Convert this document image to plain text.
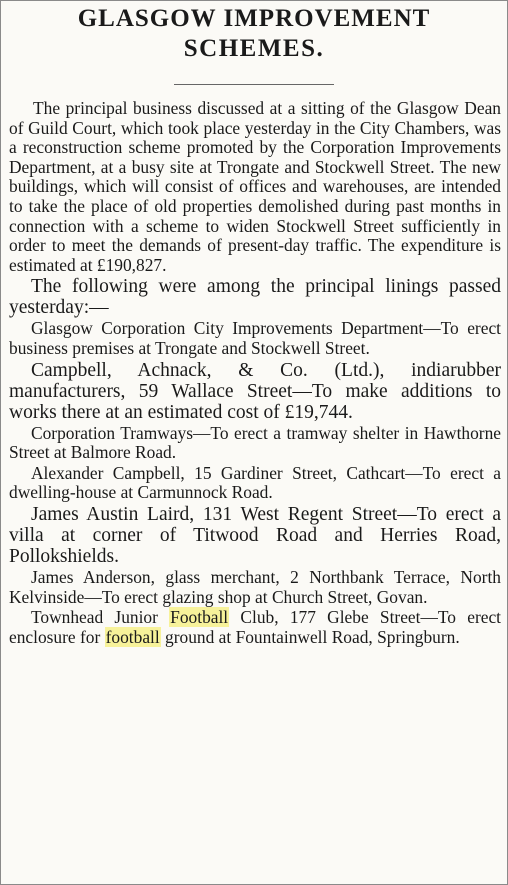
GLASGOW IMPROVEMENT
SCHEMES.

The principal business discussed at a sitting of the Glasgow Dean of Guild Court, which took place yesterday in the City Chambers, was a reconstruction scheme promoted by the Corporation Improvements Department, at a busy site at Trongate and Stockwell Street. The new buildings, which will consist of offices and warehouses, are intended to take the place of old properties demolished during past months in connection with a scheme to widen Stockwell Street sufficiently in order to meet the demands of present-day traffic. The expenditure is estimated at £190,827.

The following were among the principal linings passed yesterday:—

Glasgow Corporation City Improvements Department—To erect business premises at Trongate and Stockwell Street.

Campbell, Achnack, & Co. (Ltd.), indiarubber manufacturers, 59 Wallace Street—To make additions to works there at an estimated cost of £19,744.

Corporation Tramways—To erect a tramway shelter in Hawthorne Street at Balmore Road.

Alexander Campbell, 15 Gardiner Street, Cathcart—To erect a dwelling-house at Carmunnock Road.

James Austin Laird, 131 West Regent Street—To erect a villa at corner of Titwood Road and Herries Road, Pollokshields.

James Anderson, glass merchant, 2 Northbank Terrace, North Kelvinside—To erect glazing shop at Church Street, Govan.

Townhead Junior Football Club, 177 Glebe Street—To erect enclosure for football ground at Fountainwell Road, Springburn.
